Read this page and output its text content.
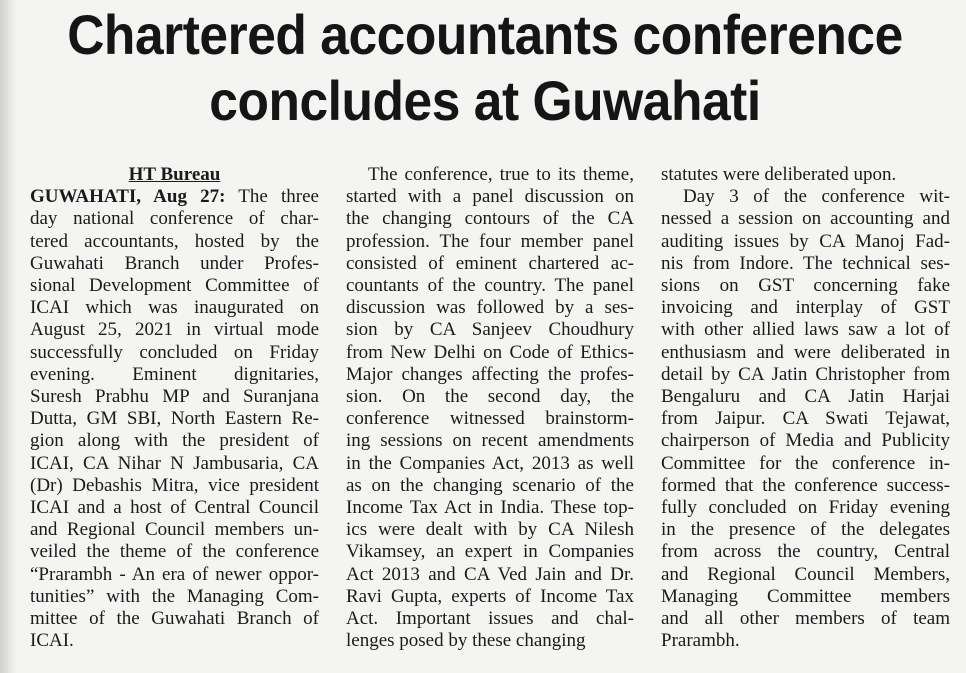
Chartered accountants conference
concludes at Guwahati
HT Bureau

GUWAHATI, Aug 27: The three

day national conference of char-

tered accountants, hosted by the

Guwahati Branch under Profes-

sional Development Committee of

ICAI which was inaugurated on

August 25, 2021 in virtual mode

successfully concluded on Friday

evening. Eminent dignitaries,

Suresh Prabhu MP and Suranjana

Dutta, GM SBI, North Eastern Re-

gion along with the president of

ICAI, CA Nihar N Jambusaria, CA

(Dr) Debashis Mitra, vice president

ICAI and a host of Central Council

and Regional Council members un-

veiled the theme of the conference

“Prarambh - An era of newer oppor-

tunities” with the Managing Com-

mittee of the Guwahati Branch of

ICAI.

The conference, true to its theme,

started with a panel discussion on

the changing contours of the CA

profession. The four member panel

consisted of eminent chartered ac-

countants of the country. The panel

discussion was followed by a ses-

sion by CA Sanjeev Choudhury

from New Delhi on Code of Ethics-

Major changes affecting the profes-

sion. On the second day, the

conference witnessed brainstorm-

ing sessions on recent amendments

in the Companies Act, 2013 as well

as on the changing scenario of the

Income Tax Act in India. These top-

ics were dealt with by CA Nilesh

Vikamsey, an expert in Companies

Act 2013 and CA Ved Jain and Dr.

Ravi Gupta, experts of Income Tax

Act. Important issues and chal-

lenges posed by these changing

statutes were deliberated upon.

Day 3 of the conference wit-

nessed a session on accounting and

auditing issues by CA Manoj Fad-

nis from Indore. The technical ses-

sions on GST concerning fake

invoicing and interplay of GST

with other allied laws saw a lot of

enthusiasm and were deliberated in

detail by CA Jatin Christopher from

Bengaluru and CA Jatin Harjai

from Jaipur. CA Swati Tejawat,

chairperson of Media and Publicity

Committee for the conference in-

formed that the conference success-

fully concluded on Friday evening

in the presence of the delegates

from across the country, Central

and Regional Council Members,

Managing Committee members

and all other members of team

Prarambh.
